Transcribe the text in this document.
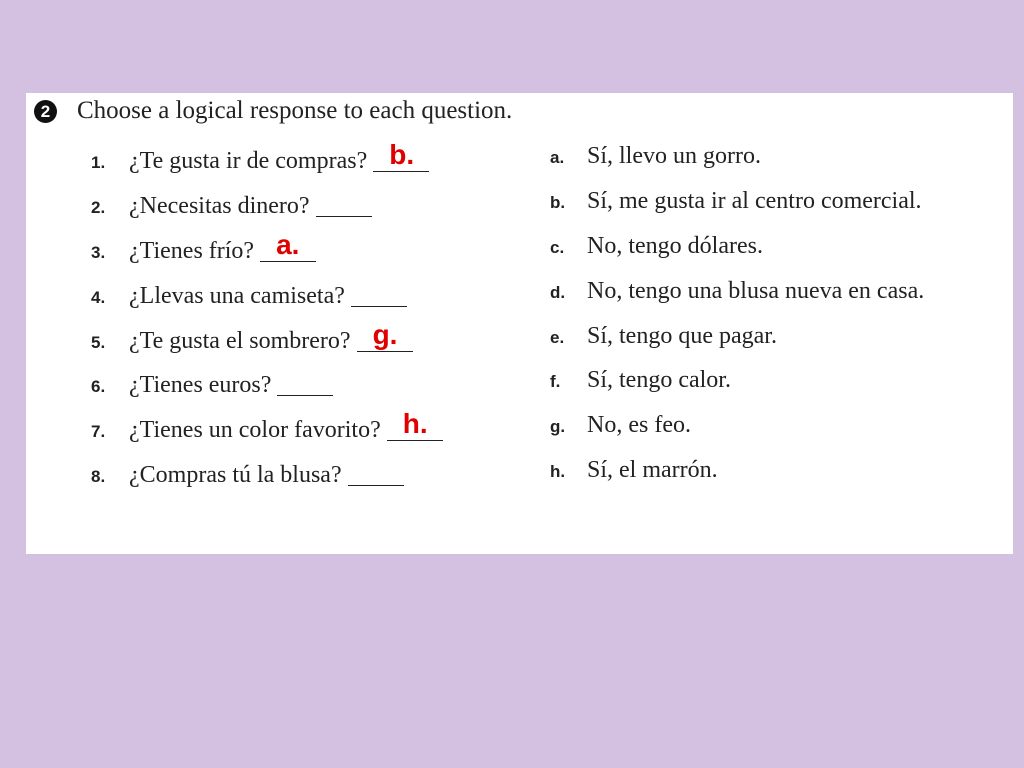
2 Choose a logical response to each question.
1. ¿Te gusta ir de compras? b.
2. ¿Necesitas dinero?
3. ¿Tienes frío? a.
4. ¿Llevas una camiseta?
5. ¿Te gusta el sombrero? g.
6. ¿Tienes euros?
7. ¿Tienes un color favorito? h.
8. ¿Compras tú la blusa?
a. Sí, llevo un gorro.
b. Sí, me gusta ir al centro comercial.
c. No, tengo dólares.
d. No, tengo una blusa nueva en casa.
e. Sí, tengo que pagar.
f.	Sí, tengo calor.
g. No, es feo.
h. Sí, el marrón.
